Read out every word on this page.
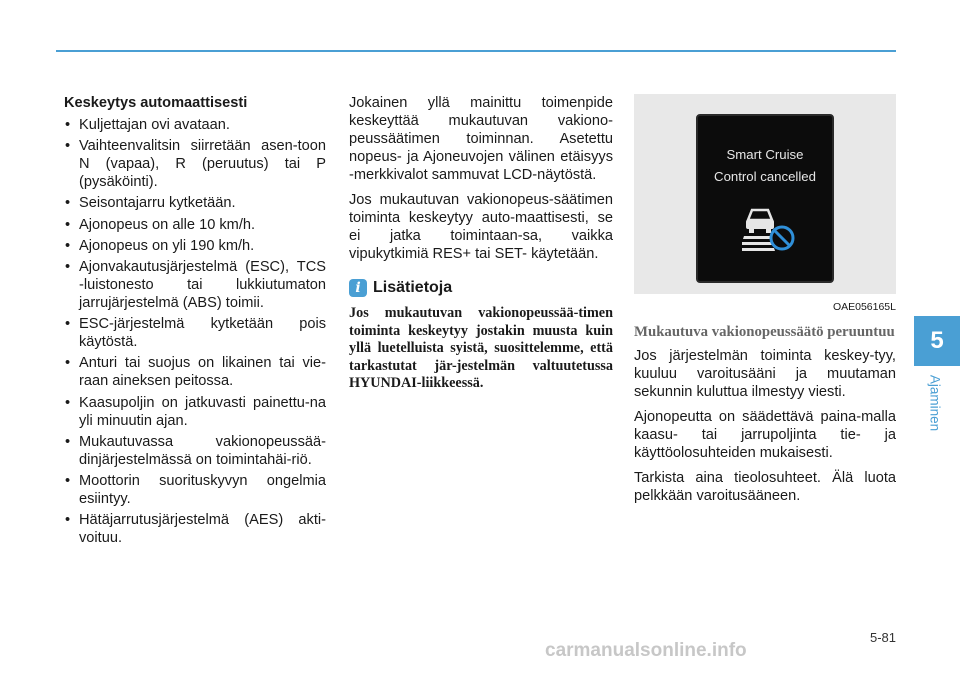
Keskeytys automaattisesti
• Kuljettajan ovi avataan.
• Vaihteenvalitsin siirretään asen-toon N (vapaa), R (peruutus) tai P (pysäköinti).
• Seisontajarru kytketään.
• Ajonopeus on alle 10 km/h.
• Ajonopeus on yli 190 km/h.
• Ajonvakautusjärjestelmä (ESC), TCS -luistonesto tai lukkiutumaton jarrujärjestelmä (ABS) toimii.
• ESC-järjestelmä kytketään pois käytöstä.
• Anturi tai suojus on likainen tai vie-raan aineksen peitossa.
• Kaasupoljin on jatkuvasti painettu-na yli minuutin ajan.
• Mukautuvassa vakionopeussää-dinjärjestelmässä on toimintahäi-riö.
• Moottorin suorituskyvyn ongelmia esiintyy.
• Hätäjarrutusjärjestelmä (AES) akti-voituu.

Jokainen yllä mainittu toimenpide keskeyttää mukautuvan vakiono-peussäätimen toiminnan. Asetettu nopeus- ja Ajoneuvojen välinen etäisyys -merkkivalot sammuvat LCD-näytöstä.

Jos mukautuvan vakionopeus-säätimen toiminta keskeytyy auto-maattisesti, se ei jatka toimintaan-sa, vaikka vipukytkimiä RES+ tai SET- käytetään.

i Lisätietoja

Jos mukautuvan vakionopeussää-timen toiminta keskeytyy jostakin muusta kuin yllä luetelluista syistä, suosittelemme, että tarkastutat jär-jestelmän valtuutetussa HYUNDAI-liikkeessä.

Smart Cruise
Control cancelled
OAE056165L
Mukautuva vakionopeussäätö peruuntuu

Jos järjestelmän toiminta keskey-tyy, kuuluu varoitusääni ja muutaman sekunnin kuluttua ilmestyy viesti.

Ajonopeutta on säädettävä paina-malla kaasu- tai jarrupoljinta tie- ja käyttöolosuhteiden mukaisesti.

Tarkista aina tieolosuhteet. Älä luota pelkkään varoitusääneen.

5
Ajaminen
5-81
carmanualsonline.info
